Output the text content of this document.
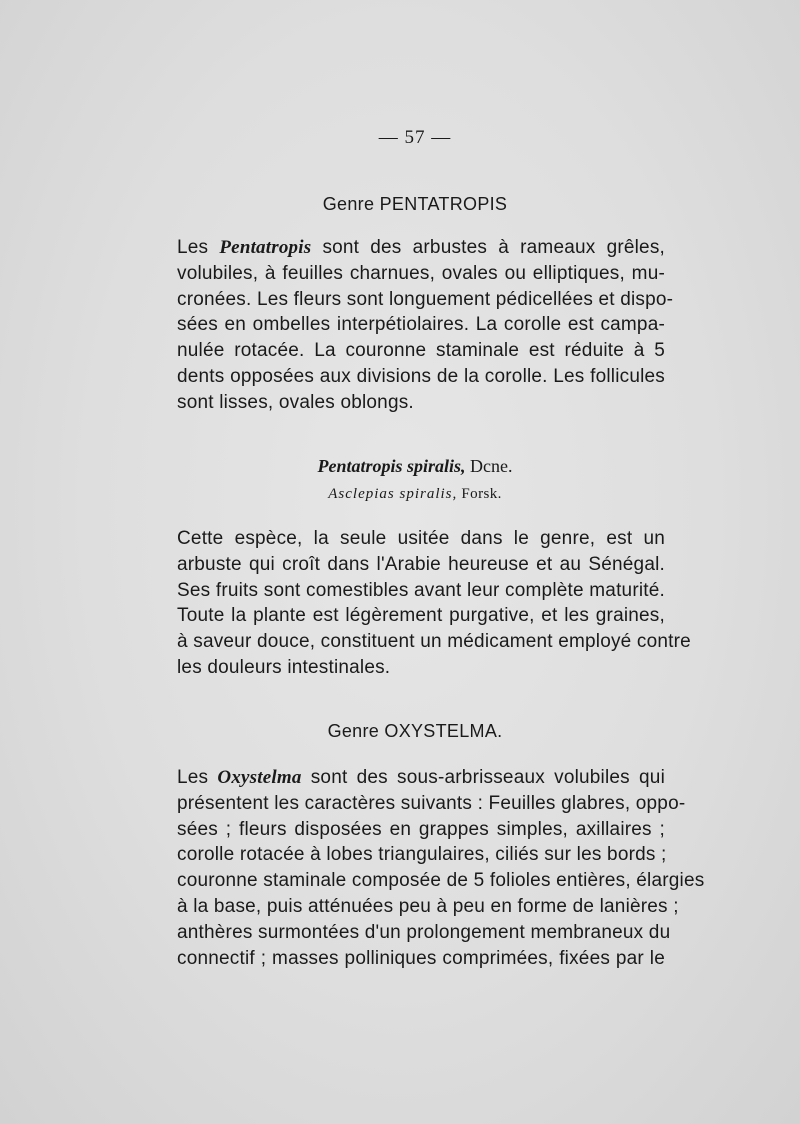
— 57 —
Genre PENTATROPIS
Les Pentatropis sont des arbustes à rameaux grêles,
volubiles, à feuilles charnues, ovales ou elliptiques, mu-
cronées. Les fleurs sont longuement pédicellées et dispo-
sées en ombelles interpétiolaires. La corolle est campa-
nulée rotacée. La couronne staminale est réduite à 5
dents opposées aux divisions de la corolle. Les follicules
sont lisses, ovales oblongs.
Pentatropis spiralis, Dcne.
Asclepias spiralis, Forsk.
Cette espèce, la seule usitée dans le genre, est un
arbuste qui croît dans l'Arabie heureuse et au Sénégal.
Ses fruits sont comestibles avant leur complète maturité.
Toute la plante est légèrement purgative, et les graines,
à saveur douce, constituent un médicament employé contre
les douleurs intestinales.
Genre OXYSTELMA.
Les Oxystelma sont des sous-arbrisseaux volubiles qui
présentent les caractères suivants : Feuilles glabres, oppo-
sées ; fleurs disposées en grappes simples, axillaires ;
corolle rotacée à lobes triangulaires, ciliés sur les bords ;
couronne staminale composée de 5 folioles entières, élargies
à la base, puis atténuées peu à peu en forme de lanières ;
anthères surmontées d'un prolongement membraneux du
connectif ; masses polliniques comprimées, fixées par le
